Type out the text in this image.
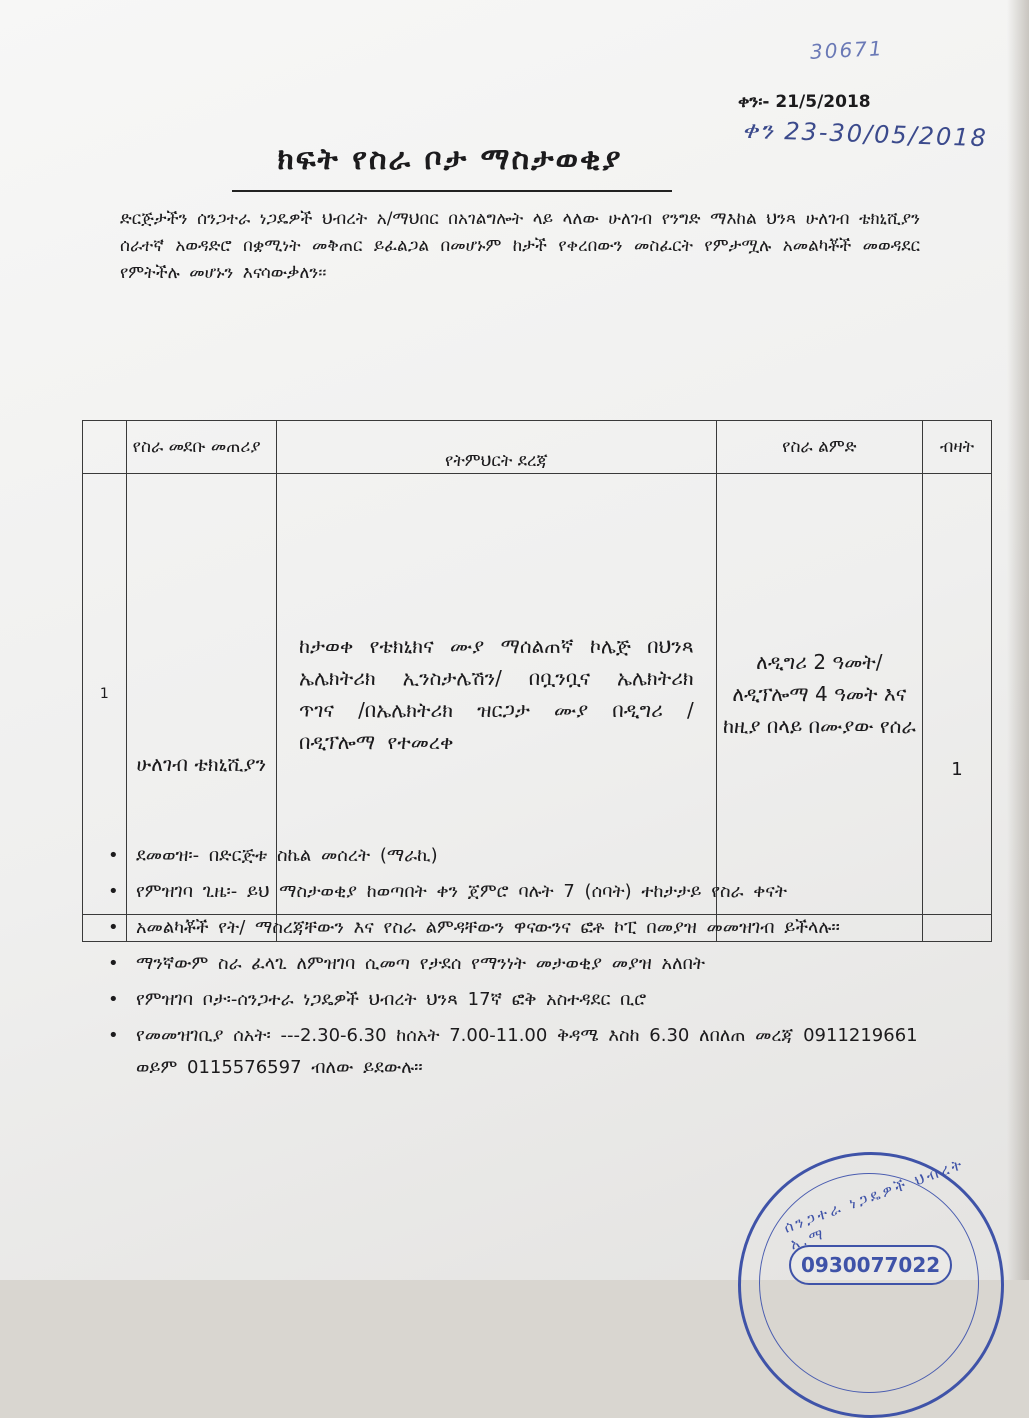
30671
ቀን 23-30/05/2018
ቀን፡- 21/5/2018
ክፍት የስራ ቦታ ማስታወቂያ
ድርጅታችን ሰንጋተራ ነጋዴዎች ህብረት አ/ማህበር በአገልግሎት ላይ ላለው ሁለገብ የንግድ ማእከል ህንጻ ሁለገብ ቴክኒሺያን ሰራተኛ አወዳድሮ በቋሚነት መቅጠር ይፈልጋል በመሆኑም ከታች የቀረበውን መስፈርት የምታሟሉ አመልካቾች መወዳደር የምትችሉ መሆኑን እናሳውቃለን፡፡
	የስራ መደቡ መጠሪያ	የትምህርት ደረጃ	የስራ ልምድ	ብዛት
1	ሁለገብ ቴክኒሺያን	ከታወቀ የቴክኒክና ሙያ ማሰልጠኛ ኮሌጅ በህንጻ ኤሌክትሪክ ኢንስታሌሽን/ በቧንቧና ኤሌክትሪክ ጥገና /በኤሌክትሪክ ዝርጋታ ሙያ በዲግሪ / በዲፕሎማ የተመረቀ	ለዲግሪ 2 ዓመት/ ለዲፕሎማ 4 ዓመት እና ከዚያ በላይ በሙያው የሰራ	1

• ደመወዝ፡- በድርጅቱ ስኬል መሰረት (ማራኪ)
• የምዝገባ ጊዜ፡- ይህ ማስታወቂያ ከወጣበት ቀን ጀምሮ ባሉት 7 (ሰባት) ተከታታይ የስራ ቀናት
• አመልካቾች የት/ ማስረጃቸውን እና የስራ ልምዳቸውን ዋናውንና ፎቶ ኮፒ በመያዝ መመዝገብ ይችላሉ፡፡
• ማንኛውም ስራ ፈላጊ ለምዝገባ ሲመጣ የታደሰ የማንነት መታወቂያ መያዝ አለበት
• የምዝገባ ቦታ፡-ሰንጋተራ ነጋዴዎች ህብረት ህንጻ 17ኛ ፎቅ አስተዳደር ቢሮ
• የመመዝገቢያ ሰአት፡ ---2.30-6.30 ከሰአት 7.00-11.00 ቅዳሜ እስከ 6.30 ለበለጠ መረጃ 0911219661 ወይም 0115576597 ብለው ይደውሉ፡፡
ሰንጋተራ ነጋዴዎች ህብረት አ.ማ
0930077022
